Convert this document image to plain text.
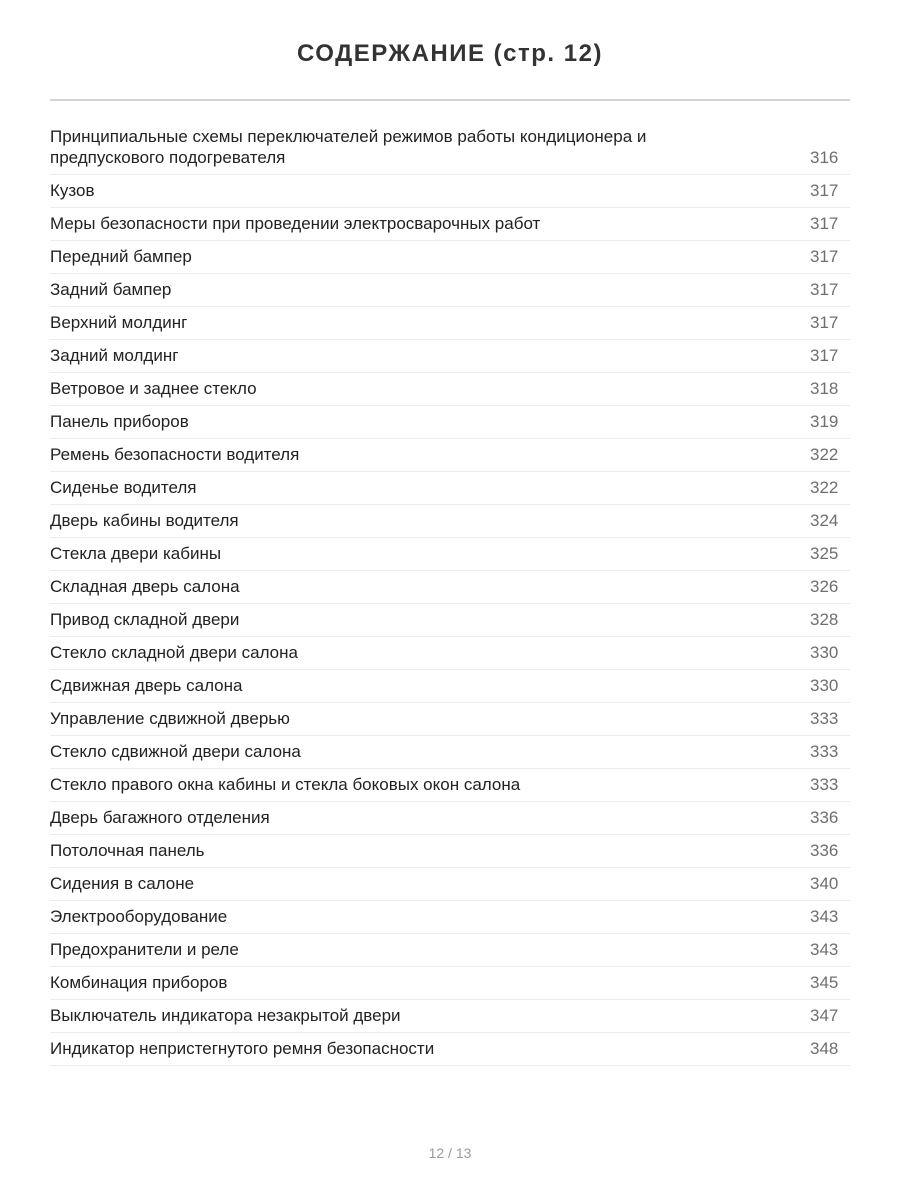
СОДЕРЖАНИЕ (стр. 12)
Принципиальные схемы переключателей режимов работы кондиционера и предпускового подогревателя	316
Кузов	317
Меры безопасности при проведении электросварочных работ	317
Передний бампер	317
Задний бампер	317
Верхний молдинг	317
Задний молдинг	317
Ветровое и заднее стекло	318
Панель приборов	319
Ремень безопасности водителя	322
Сиденье водителя	322
Дверь кабины водителя	324
Стекла двери кабины	325
Складная дверь салона	326
Привод складной двери	328
Стекло складной двери салона	330
Сдвижная дверь салона	330
Управление сдвижной дверью	333
Стекло сдвижной двери салона	333
Стекло правого окна кабины и стекла боковых окон салона	333
Дверь багажного отделения	336
Потолочная панель	336
Сидения в салоне	340
Электрооборудование	343
Предохранители и реле	343
Комбинация приборов	345
Выключатель индикатора незакрытой двери	347
Индикатор непристегнутого ремня безопасности	348
12 / 13
